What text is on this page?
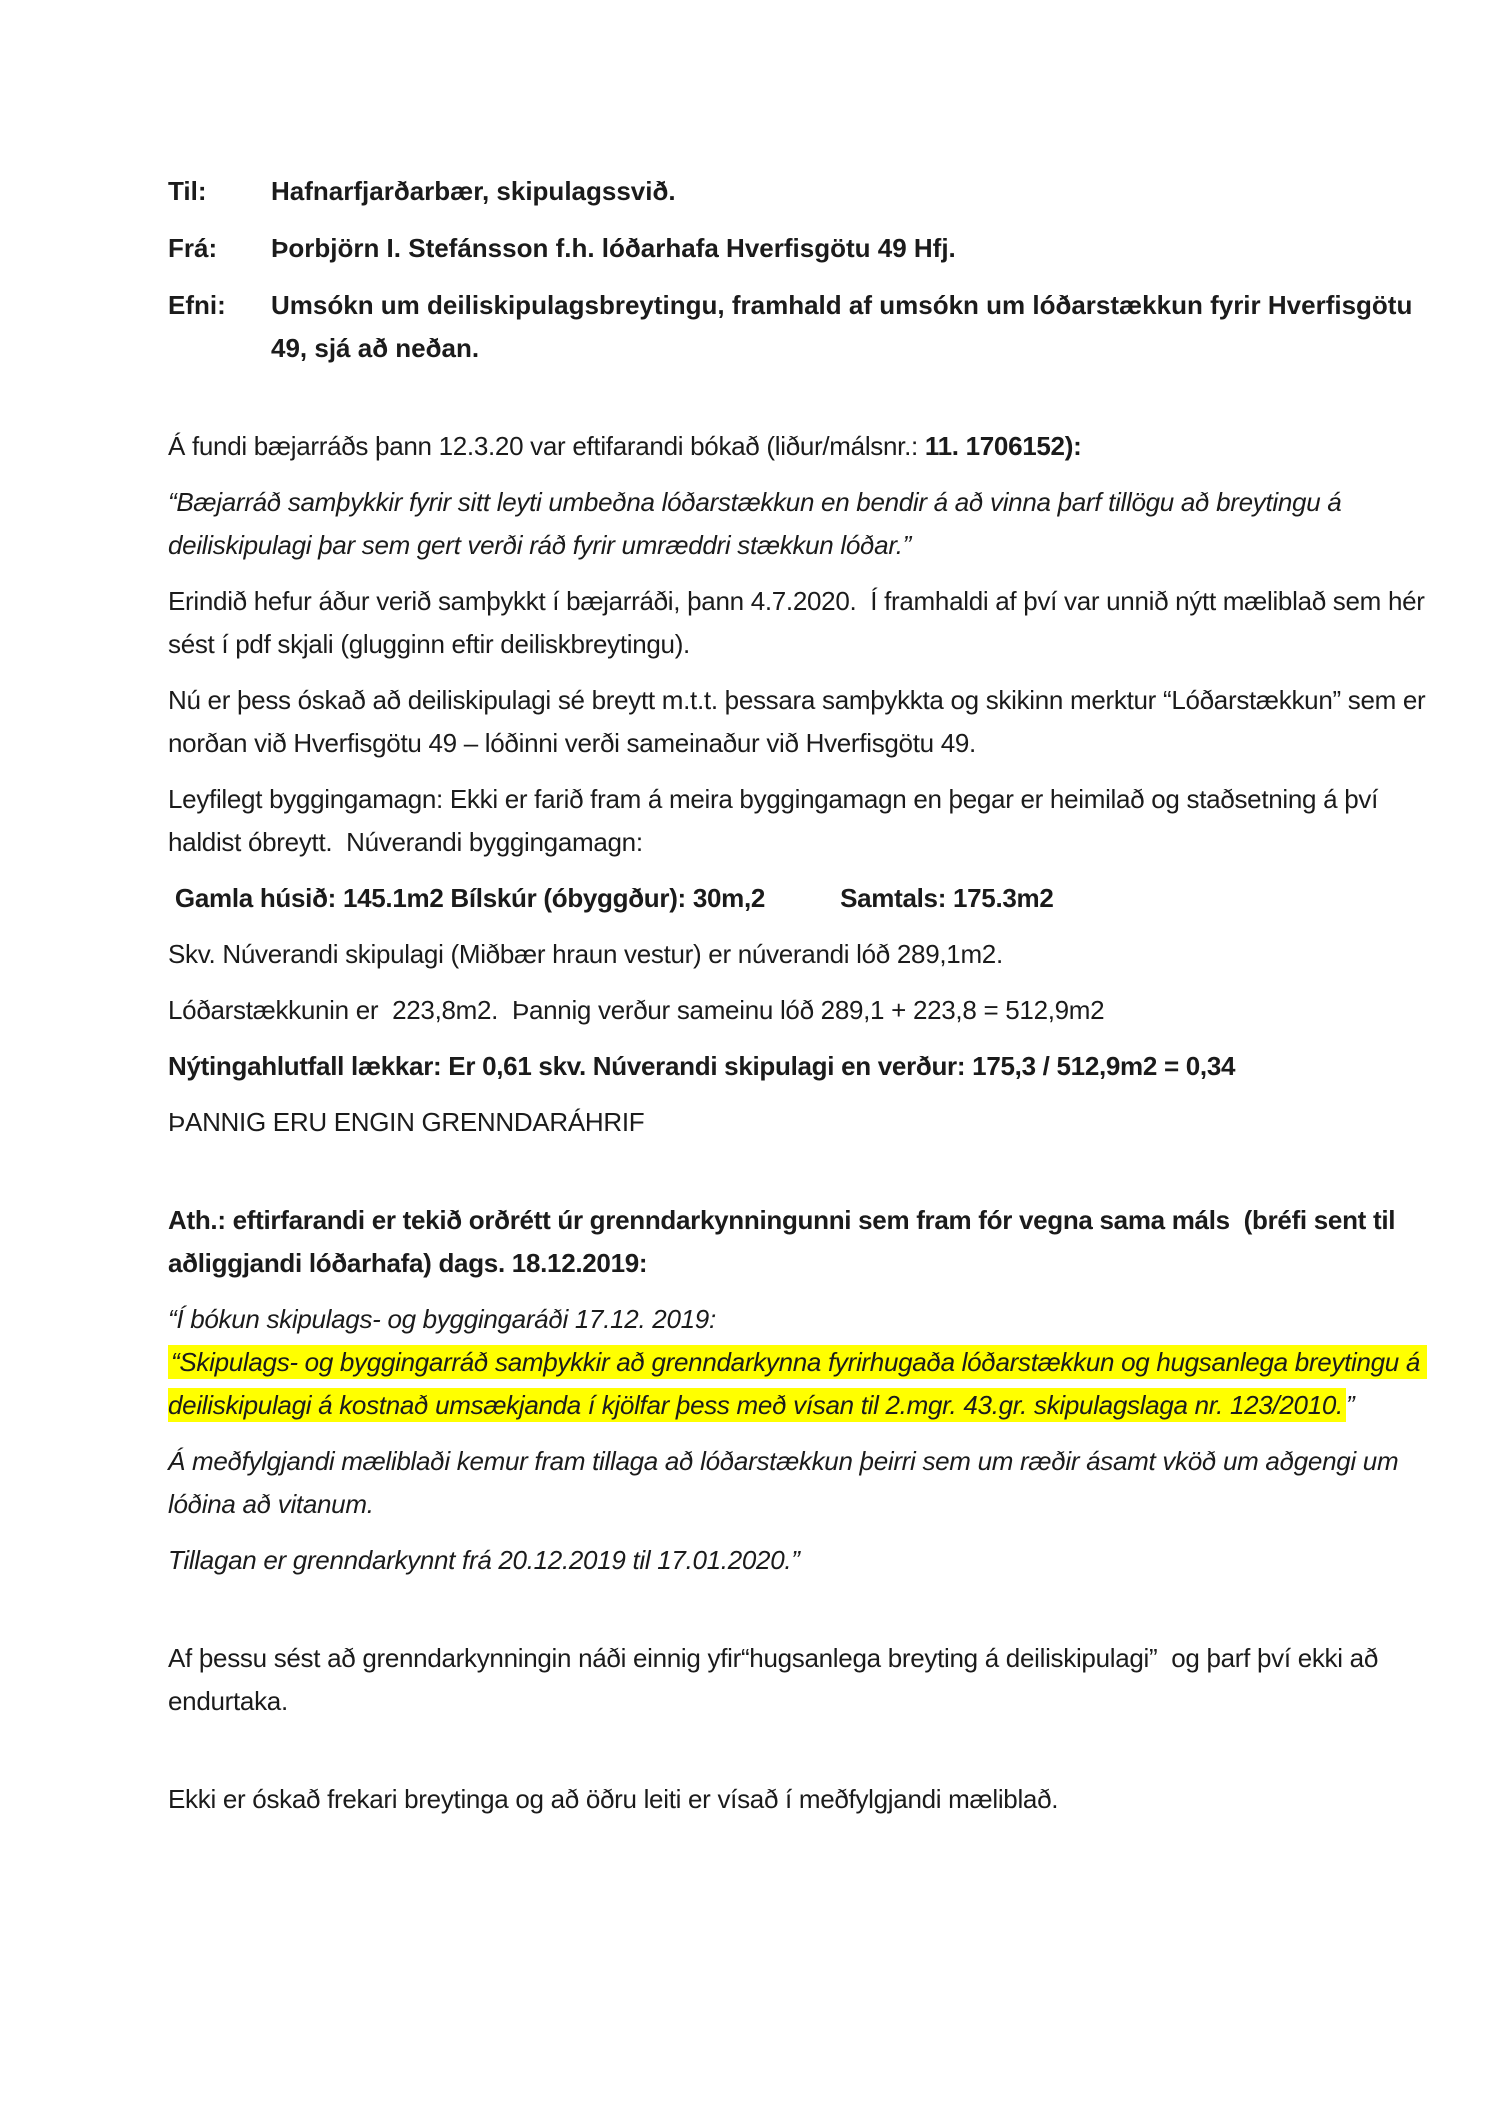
Til:	Hafnarfjarðarbær, skipulagssvið.
Frá:	Þorbjörn I. Stefánsson f.h. lóðarhafa Hverfisgötu 49 Hfj.
Efni:	Umsókn um deiliskipulagsbreytingu, framhald af umsókn um lóðarstækkun fyrir Hverfisgötu 49, sjá að neðan.

Á fundi bæjarráðs þann 12.3.20 var eftifarandi bókað (liður/málsnr.: 11. 1706152):

“Bæjarráð samþykkir fyrir sitt leyti umbeðna lóðarstækkun en bendir á að vinna þarf tillögu að breytingu á deiliskipulagi þar sem gert verði ráð fyrir umræddri stækkun lóðar.”

Erindið hefur áður verið samþykkt í bæjarráði, þann 4.7.2020.  Í framhaldi af því var unnið nýtt mæliblað sem hér sést í pdf skjali (glugginn eftir deiliskbreytingu).

Nú er þess óskað að deiliskipulagi sé breytt m.t.t. þessara samþykkta og skikinn merktur “Lóðarstækkun” sem er norðan við Hverfisgötu 49 – lóðinni verði sameinaður við Hverfisgötu 49.

Leyfilegt byggingamagn: Ekki er farið fram á meira byggingamagn en þegar er heimilað og staðsetning á því haldist óbreytt.  Núverandi byggingamagn:

Gamla húsið: 145.1m2 Bílskúr (óbyggður): 30m,2	Samtals: 175.3m2

Skv. Núverandi skipulagi (Miðbær hraun vestur) er núverandi lóð 289,1m2.

Lóðarstækkunin er  223,8m2.  Þannig verður sameinu lóð 289,1 + 223,8 = 512,9m2

Nýtingahlutfall lækkar: Er 0,61 skv. Núverandi skipulagi en verður: 175,3 / 512,9m2 = 0,34

ÞANNIG ERU ENGIN GRENNDARÁHRIF

Ath.: eftirfarandi er tekið orðrétt úr grenndarkynningunni sem fram fór vegna sama máls  (bréfi sent til aðliggjandi lóðarhafa) dags. 18.12.2019:

“Í bókun skipulags- og byggingaráði 17.12. 2019:
“Skipulags- og byggingarráð samþykkir að grenndarkynna fyrirhugaða lóðarstækkun og hugsanlega breytingu á deiliskipulagi á kostnað umsækjanda í kjölfar þess með vísan til 2.mgr. 43.gr. skipulagslaga nr. 123/2010. ”

Á meðfylgjandi mæliblaði kemur fram tillaga að lóðarstækkun þeirri sem um ræðir ásamt vköð um aðgengi um lóðina að vitanum.

Tillagan er grenndarkynnt frá 20.12.2019 til 17.01.2020.”

Af þessu sést að grenndarkynningin náði einnig yfir“hugsanlega breyting á deiliskipulagi”  og þarf því ekki að endurtaka.

Ekki er óskað frekari breytinga og að öðru leiti er vísað í meðfylgjandi mæliblað.
